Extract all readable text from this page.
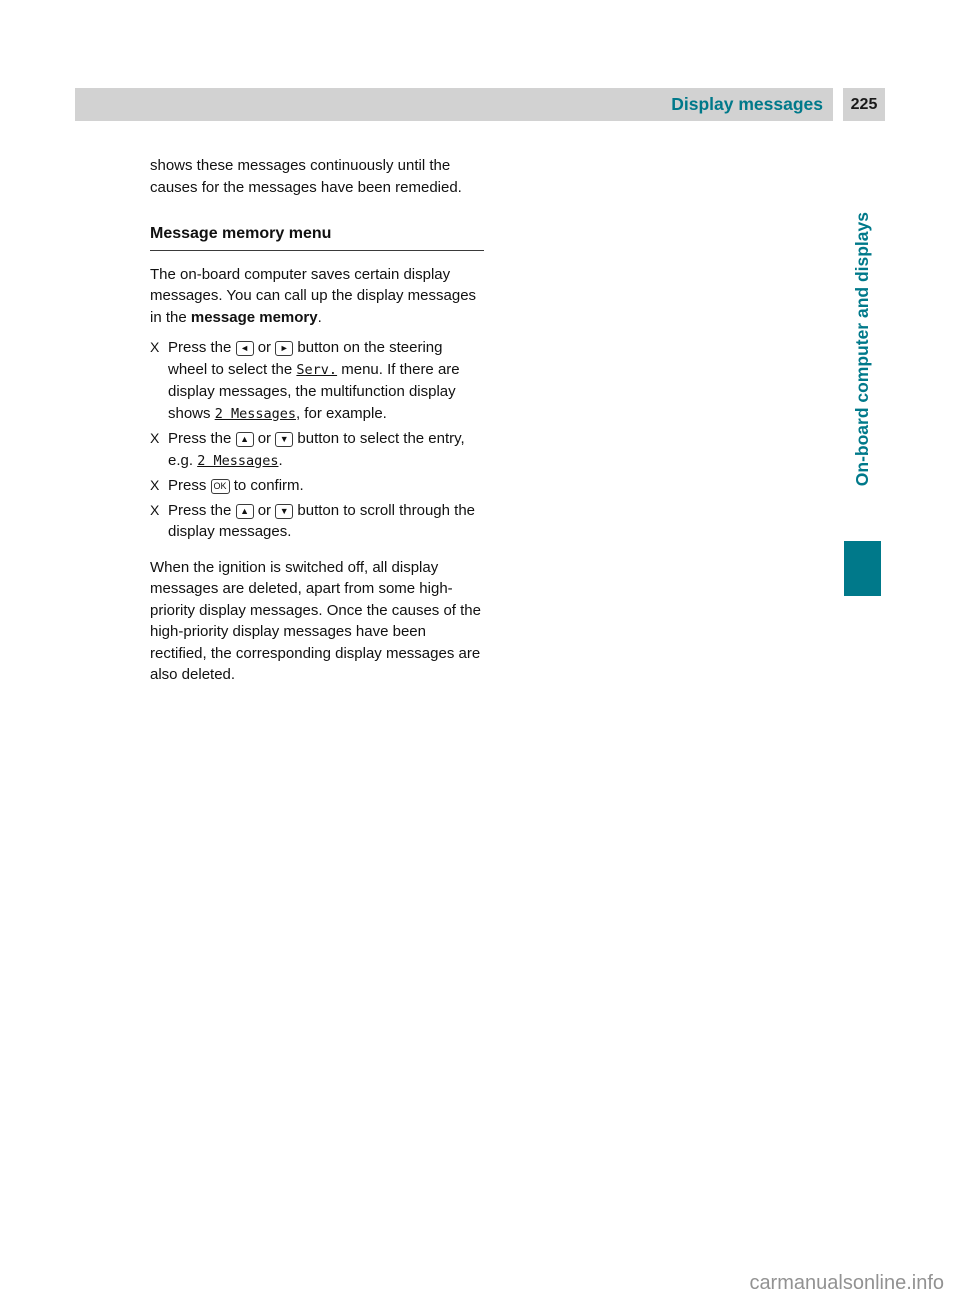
Display messages	225
On-board computer and displays

shows these messages continuously until the causes for the messages have been remedied.

Message memory menu

The on-board computer saves certain display messages. You can call up the display messages in the message memory.

X Press the ◄ or ► button on the steering wheel to select the Serv. menu. If there are display messages, the multifunction display shows 2 Messages, for example.
X Press the ▲ or ▼ button to select the entry, e.g. 2 Messages.
X Press OK to confirm.
X Press the ▲ or ▼ button to scroll through the display messages.

When the ignition is switched off, all display messages are deleted, apart from some high-priority display messages. Once the causes of the high-priority display messages have been rectified, the corresponding display messages are also deleted.

carmanualsonline.info
